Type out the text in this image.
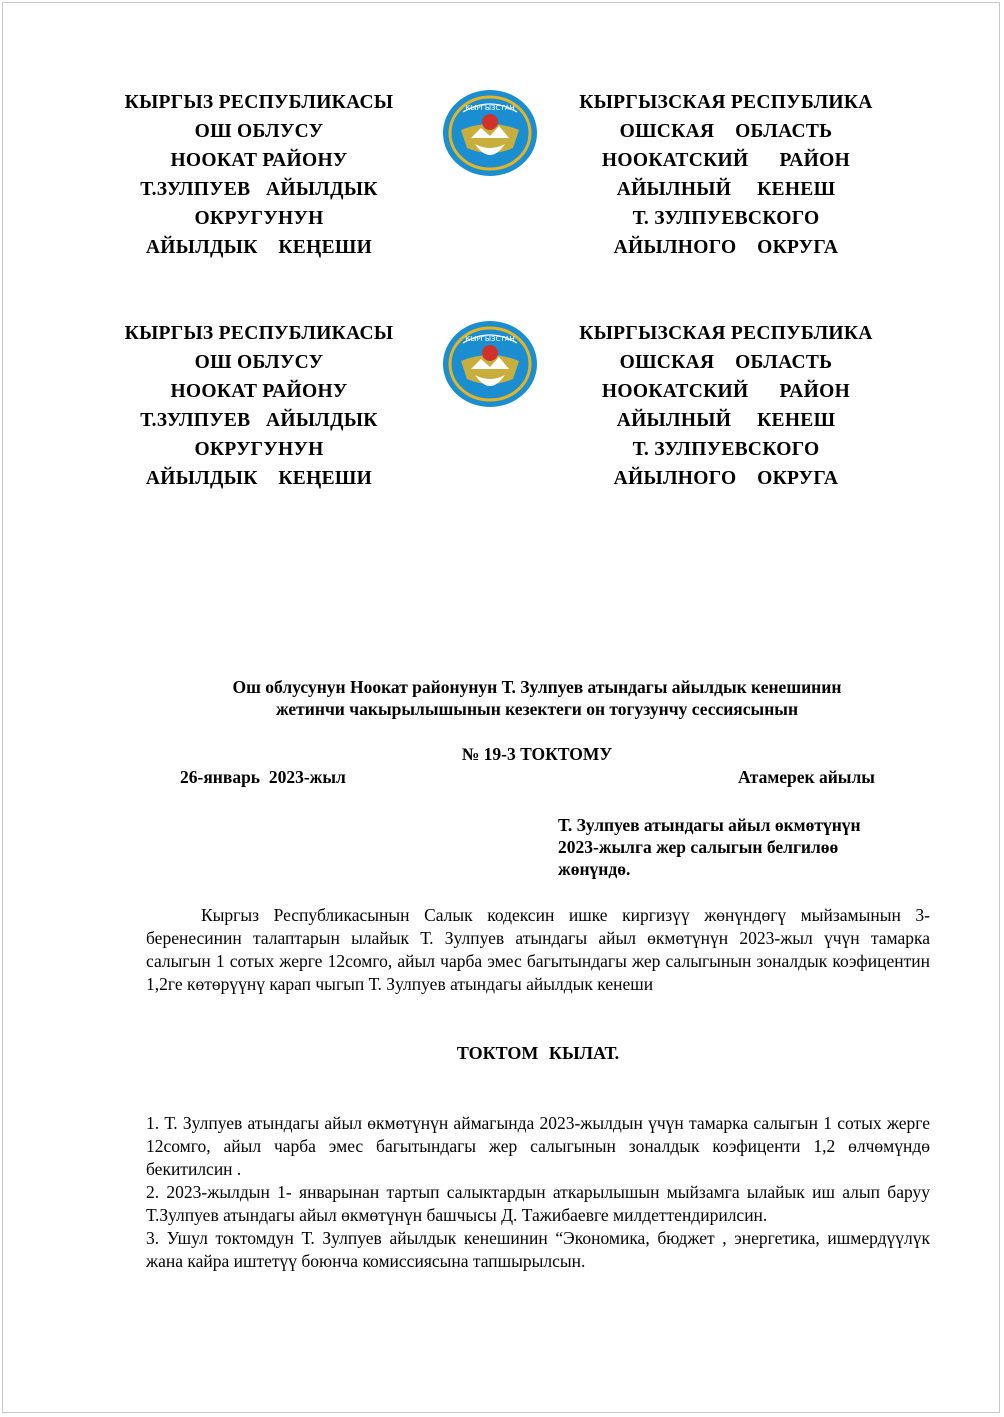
КЫРГЫЗ РЕСПУБЛИКАСЫ
ОШ ОБЛУСУ
НООКАТ РАЙОНУ
Т.ЗУЛПУЕВ   АЙЫЛДЫК
ОКРУГУНУН
АЙЫЛДЫК    КЕҢЕШИ
КЫРГЫЗСТАН	КЫРГЫЗСКАЯ РЕСПУБЛИКА
ОШСКАЯ    ОБЛАСТЬ
НООКАТСКИЙ      РАЙОН
АЙЫЛНЫЙ     КЕНЕШ
Т. ЗУЛПУЕВСКОГО
АЙЫЛНОГО    ОКРУГА
КЫРГЫЗ РЕСПУБЛИКАСЫ
ОШ ОБЛУСУ
НООКАТ РАЙОНУ
Т.ЗУЛПУЕВ   АЙЫЛДЫК
ОКРУГУНУН
АЙЫЛДЫК    КЕҢЕШИ
КЫРГЫЗСТАН	КЫРГЫЗСКАЯ РЕСПУБЛИКА
ОШСКАЯ    ОБЛАСТЬ
НООКАТСКИЙ      РАЙОН
АЙЫЛНЫЙ     КЕНЕШ
Т. ЗУЛПУЕВСКОГО
АЙЫЛНОГО    ОКРУГА
Ош облусунун Ноокат районунун Т. Зулпуев атындагы айылдык кенешинин
жетинчи чакырылышынын кезектеги он тогузунчу сессиясынын
№ 19-3 ТОКТОМУ
26-январь  2023-жыл	Атамерек айылы
Т. Зулпуев атындагы айыл өкмөтүнүн
2023-жылга жер салыгын белгилөө
жөнүндө.
Кыргыз Республикасынын Салык кодексин ишке киргизүү жөнүндөгү мыйзамынын 3-беренесинин талаптарын ылайык Т. Зулпуев атындагы айыл өкмөтүнүн 2023-жыл үчүн тамарка салыгын 1 сотых жерге 12сомго, айыл чарба эмес багытындагы жер салыгынын зоналдык коэфицентин 1,2ге көтөрүүнү карап чыгып Т. Зулпуев атындагы айылдык кенеши
ТОКТОМ КЫЛАТ.

1. Т. Зулпуев атындагы айыл өкмөтүнүн аймагында 2023-жылдын үчүн тамарка салыгын 1 сотых жерге 12сомго, айыл чарба эмес багытындагы жер салыгынын зоналдык коэфиценти 1,2 өлчөмүндө бекитилсин .

2. 2023-жылдын 1- январынан тартып салыктардын аткарылышын мыйзамга ылайык иш алып баруу Т.Зулпуев атындагы айыл өкмөтүнүн башчысы Д. Тажибаевге милдеттендирилсин.

3. Ушул токтомдун Т. Зулпуев айылдык кенешинин “Экономика, бюджет , энергетика, ишмердүүлүк жана кайра иштетүү боюнча комиссиясына тапшырылсын.
